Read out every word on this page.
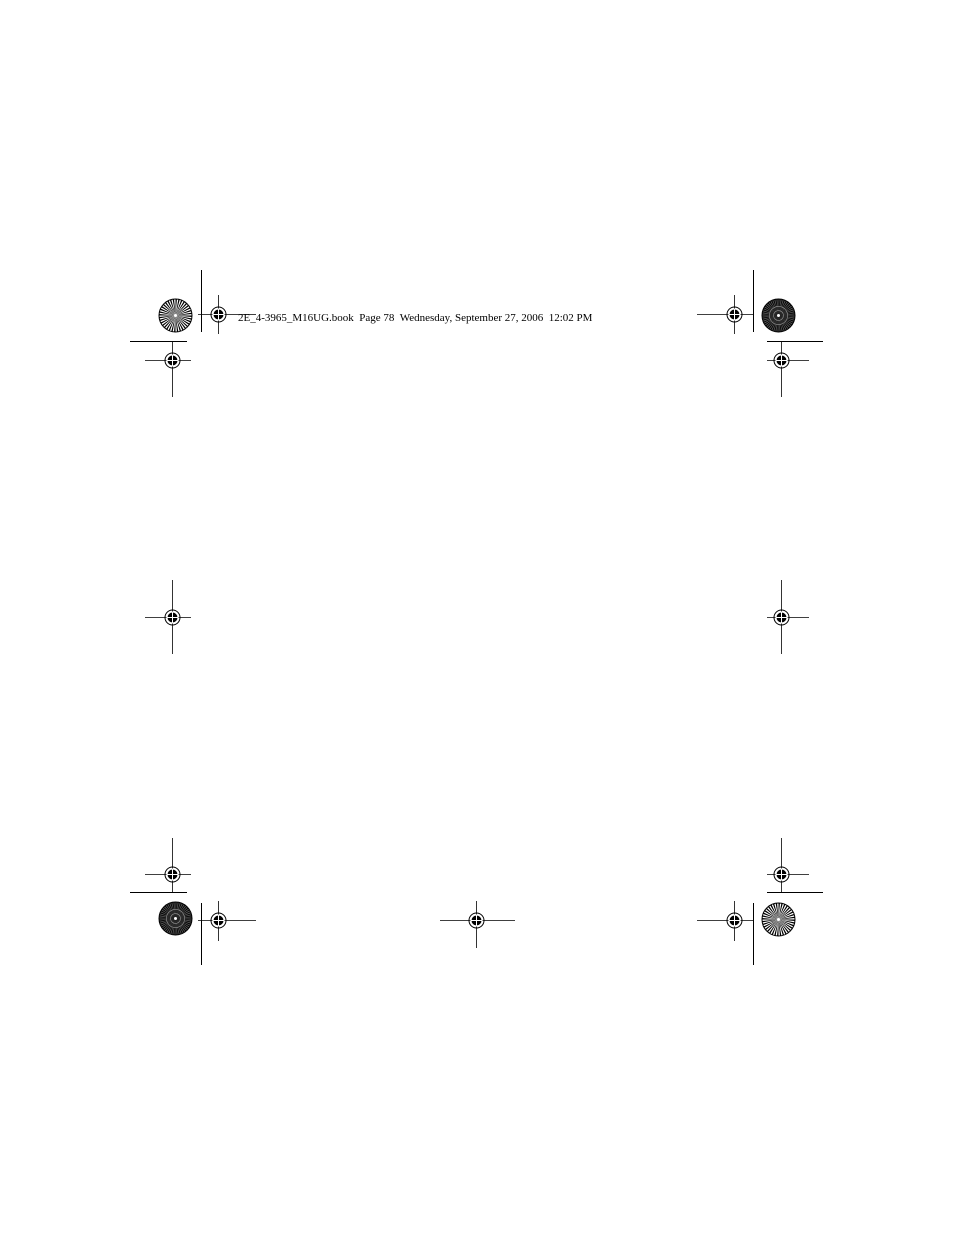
2E_4-3965_M16UG.book  Page 78  Wednesday, September 27, 2006  12:02 PM
